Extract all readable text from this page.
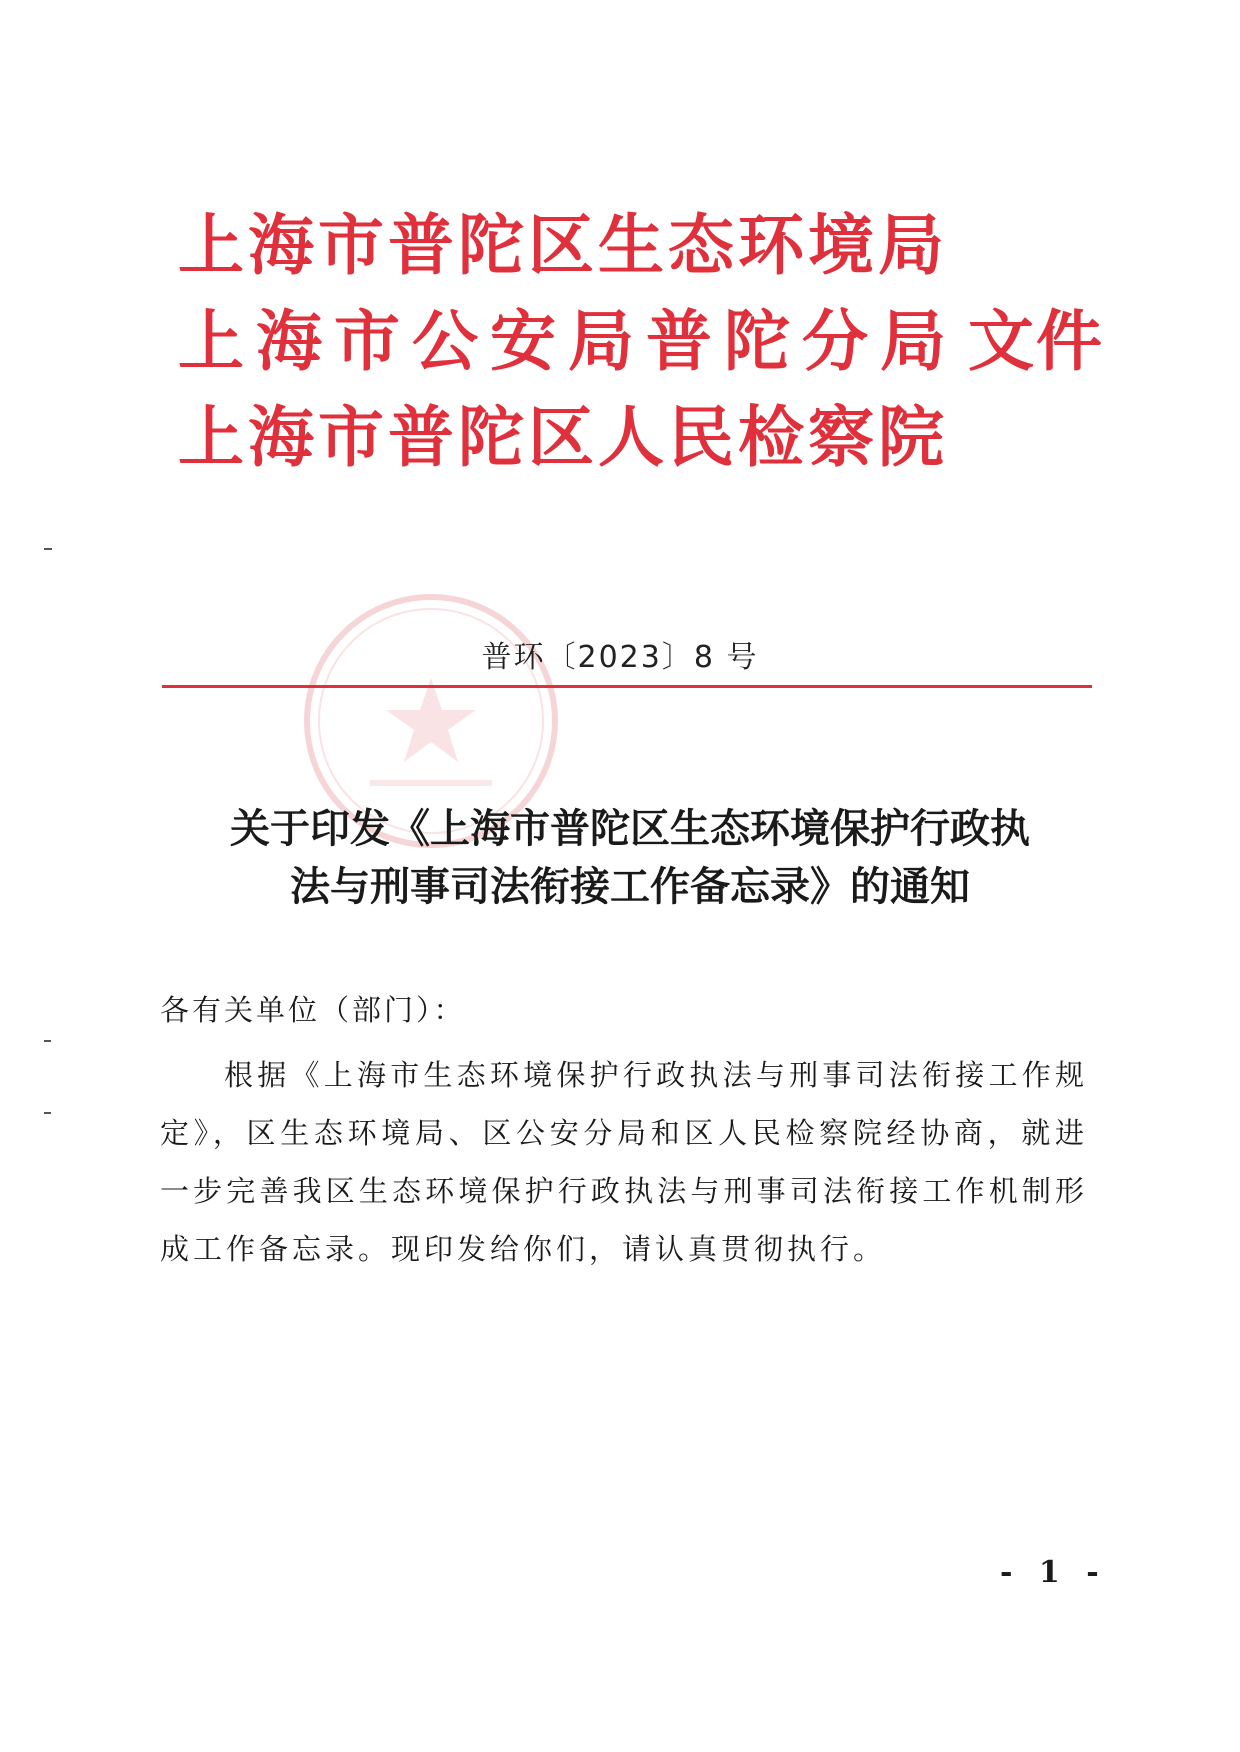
上海市普陀区生态环境局
上海市公安局普陀分局 文件
上海市普陀区人民检察院
普环〔2023〕8 号
关于印发《上海市普陀区生态环境保护行政执
法与刑事司法衔接工作备忘录》的通知
各有关单位（部门）：
根据《上海市生态环境保护行政执法与刑事司法衔接工作规定》，区生态环境局、区公安分局和区人民检察院经协商，就进一步完善我区生态环境保护行政执法与刑事司法衔接工作机制形成工作备忘录。现印发给你们，请认真贯彻执行。
- 1 -
